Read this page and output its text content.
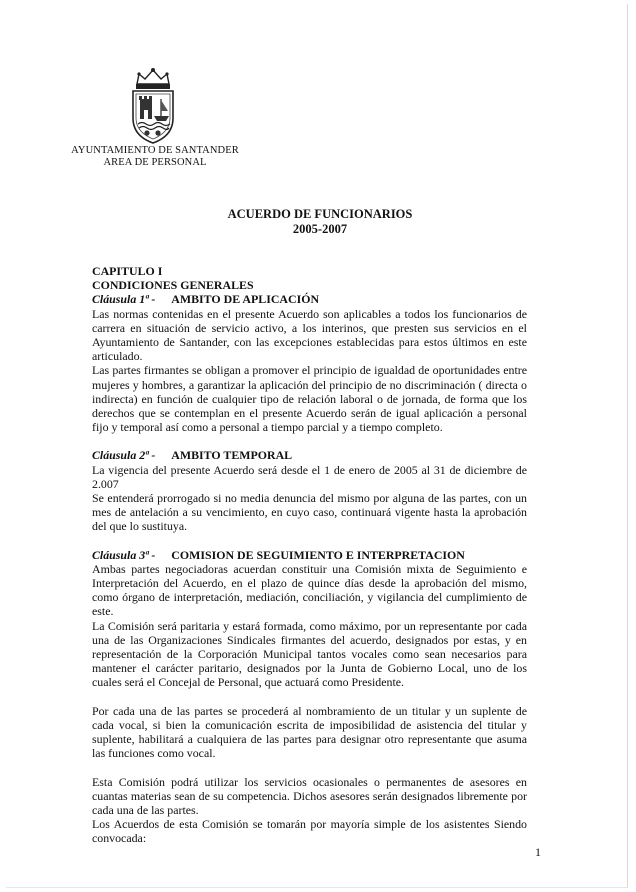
AYUNTAMIENTO DE SANTANDER
AREA DE PERSONAL
ACUERDO DE FUNCIONARIOS
2005-2007
CAPITULO I
CONDICIONES GENERALES
Cláusula 1ª - AMBITO DE APLICACIÓN

Las normas contenidas en el presente Acuerdo son aplicables a todos los funcionarios de carrera en situación de servicio activo, a los interinos, que presten sus servicios en el Ayuntamiento de Santander, con las excepciones establecidas para estos últimos en este articulado.

Las partes firmantes se obligan a promover el principio de igualdad de oportunidades entre mujeres y hombres, a garantizar la aplicación del principio de no discriminación ( directa o indirecta) en función de cualquier tipo de relación laboral o de jornada, de forma que los derechos que se contemplan en el presente Acuerdo serán de igual aplicación a personal fijo y temporal así como a personal a tiempo parcial y a tiempo completo.

Cláusula 2ª - AMBITO TEMPORAL

La vigencia del presente Acuerdo será desde el 1 de enero de 2005 al 31 de diciembre de 2.007

Se entenderá prorrogado si no media denuncia del mismo por alguna de las partes, con un mes de antelación a su vencimiento, en cuyo caso, continuará vigente hasta la aprobación del que lo sustituya.

Cláusula 3ª - COMISION DE SEGUIMIENTO E INTERPRETACION

Ambas partes negociadoras acuerdan constituir una Comisión mixta de Seguimiento e Interpretación del Acuerdo, en el plazo de quince días desde la aprobación del mismo, como órgano de interpretación, mediación, conciliación, y vigilancia del cumplimiento de este.

La Comisión será paritaria y estará formada, como máximo, por un representante por cada una de las Organizaciones Sindicales firmantes del acuerdo, designados por estas, y en representación de la Corporación Municipal tantos vocales como sean necesarios para mantener el carácter paritario, designados por la Junta de Gobierno Local, uno de los cuales será el Concejal de Personal, que actuará como Presidente.

Por cada una de las partes se procederá al nombramiento de un titular y un suplente de cada vocal, si bien la comunicación escrita de imposibilidad de asistencia del titular y suplente, habilitará a cualquiera de las partes para designar otro representante que asuma las funciones como vocal.

Esta Comisión podrá utilizar los servicios ocasionales o permanentes de asesores en cuantas materias sean de su competencia. Dichos asesores serán designados libremente por cada una de las partes.

Los Acuerdos de esta Comisión se tomarán por mayoría simple de los asistentes Siendo convocada:

1
